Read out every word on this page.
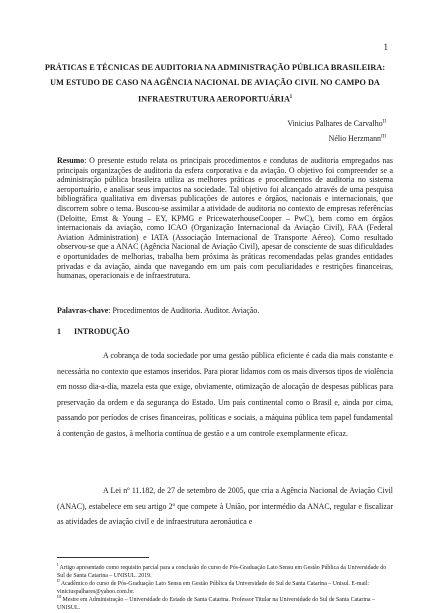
1
PRÁTICAS E TÉCNICAS DE AUDITORIA NA ADMINISTRAÇÃO PÚBLICA BRASILEIRA: UM ESTUDO DE CASO NA AGÊNCIA NACIONAL DE AVIAÇÃO CIVIL NO CAMPO DA INFRAESTRUTURA $AEROPORTUÁRIA^I$
Vinicius Palhares de Carvalho$^{II}$
Nélio Herzmann$^{III}$
Resumo: O presente estudo relata os principais procedimentos e condutas de auditoria empregados nas principais organizações de auditoria da esfera corporativa e da aviação. O objetivo foi compreender se a administração pública brasileira utiliza as melhores práticas e procedimentos de auditoria no sistema aeroportuário, e analisar seus impactos na sociedade. Tal objetivo foi alcançado através de uma pesquisa bibliográfica qualitativa em diversas publicações de autores e órgãos, nacionais e internacionais, que discorrem sobre o tema. Buscou-se assimilar a atividade de auditoria no contexto de empresas referências (Deloitte, Ernst & Young – EY, KPMG e PricewaterhouseCooper – PwC), bem como em órgãos internacionais da aviação, como ICAO (Organização Internacional da Aviação Civil), FAA (Federal Aviation Administration) e IATA (Associação Internacional de Transporte Aéreo). Como resultado observou-se que a ANAC (Agência Nacional de Aviação Civil), apesar de consciente de suas dificuldades e oportunidades de melhorias, trabalha bem próxima às práticas recomendadas pelas grandes entidades privadas e da aviação, ainda que navegando em um país com peculiaridades e restrições financeiras, humanas, operacionais e de infraestrutura.
Palavras-chave: Procedimentos de Auditoria. Auditor. Aviação.
1 INTRODUÇÃO
A cobrança de toda sociedade por uma gestão pública eficiente é cada dia mais constante e necessária no contexto que estamos inseridos. Para piorar lidamos com os mais diversos tipos de violência em nosso dia-a-dia, mazela esta que exige, obviamente, otimização de alocação de despesas públicas para preservação da ordem e da segurança do Estado. Um país continental como o Brasil e, ainda por cima, passando por períodos de crises financeiras, políticas e sociais, a máquina pública tem papel fundamental à contenção de gastos, à melhoria contínua de gestão e a um controle exemplarmente eficaz.
A Lei nº 11.182, de 27 de setembro de 2005, que cria a Agência Nacional de Aviação Civil (ANAC), estabelece em seu artigo 2º que compete à União, por intermédio da ANAC, regular e fiscalizar as atividades de aviação civil e de infraestrutura aeronáutica e
$^I$ Artigo apresentado como requisito parcial para a conclusão do curso de Pós-Graduação Lato Sensu em Gestão Pública da Universidade do Sul de Santa Catarina – UNISUL. 2019.
$^{II}$ Acadêmico do curso de Pós-Graduação Lato Sensu em Gestão Pública da Universidade do Sul de Santa Catarina – Unisul. E-mail: viniciuspalhares@yahoo.com.br.
$^{III}$ Mestre em Administração – Universidade do Estado de Santa Catarina. Professor Titular na Universidade do Sul de Santa Catarina – UNISUL.
